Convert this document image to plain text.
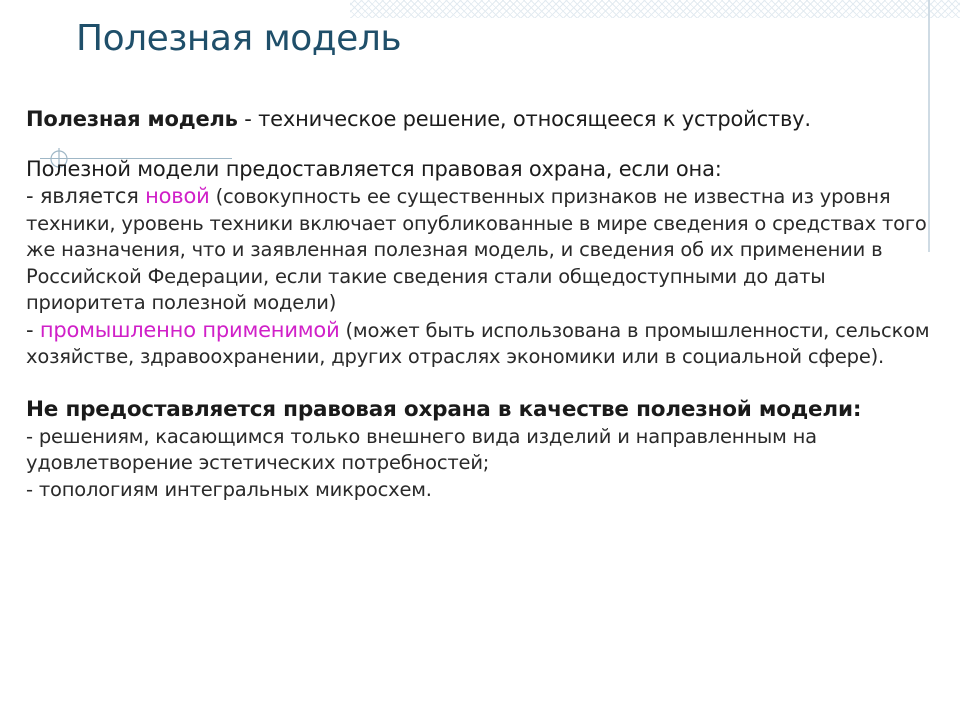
Полезная модель

Полезная модель - техническое решение, относящееся к устройству.

Полезной модели предоставляется правовая охрана, если она:

- является новой (совокупность ее существенных признаков не известна из уровня техники, уровень техники включает опубликованные в мире сведения о средствах того же назначения, что и заявленная полезная модель, и сведения об их применении в Российской Федерации, если такие сведения стали общедоступными до даты приоритета полезной модели)

- промышленно применимой (может быть использована в промышленности, сельском хозяйстве, здравоохранении, других отраслях экономики или в социальной сфере).

Не предоставляется правовая охрана в качестве полезной модели:

- решениям, касающимся только внешнего вида изделий и направленным на удовлетворение эстетических потребностей;

- топологиям интегральных микросхем.
